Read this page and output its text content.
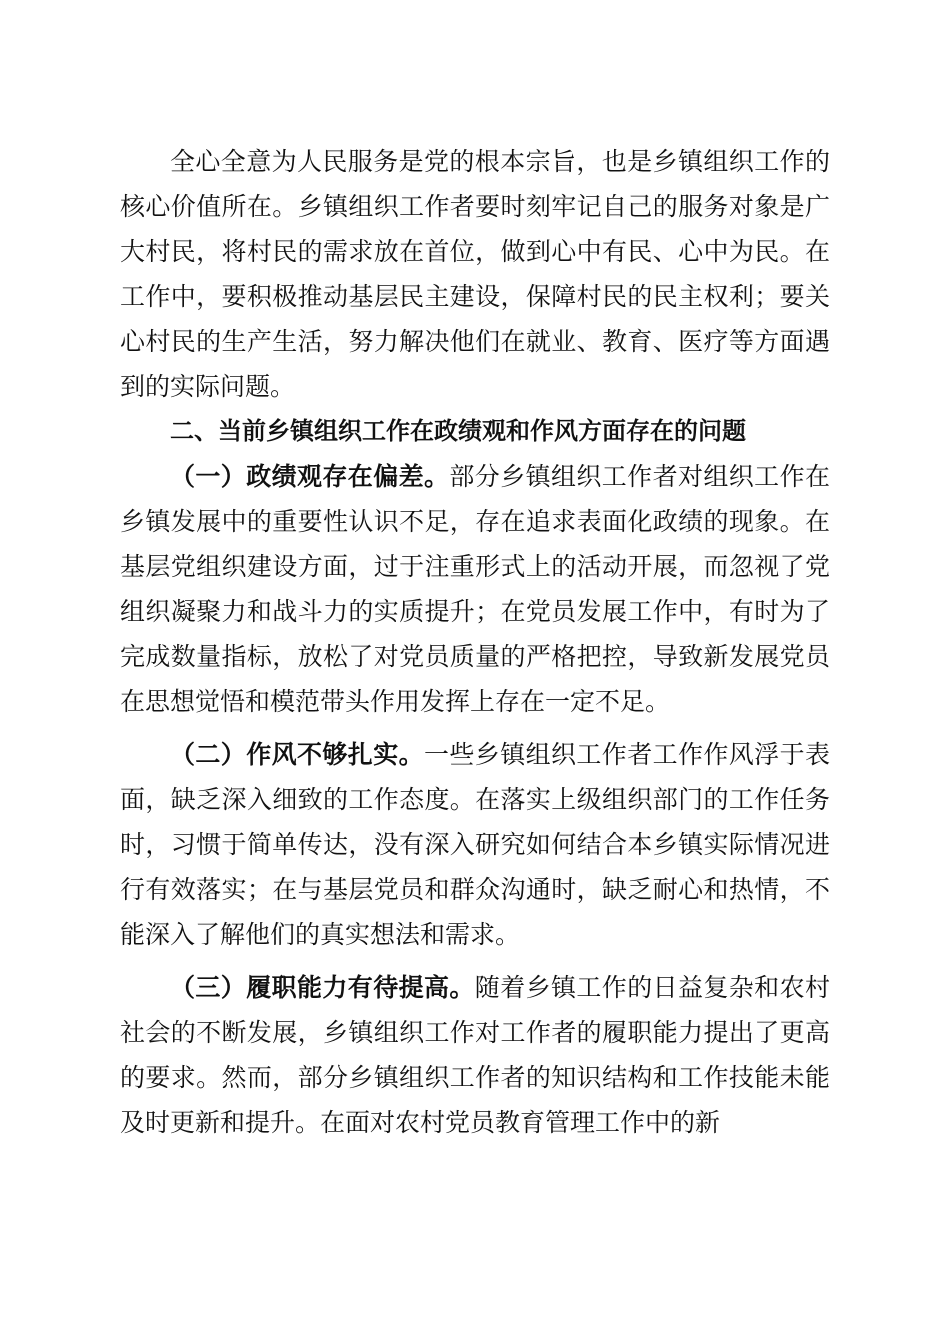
全心全意为人民服务是党的根本宗旨，也是乡镇组织工作的核心价值所在。乡镇组织工作者要时刻牢记自己的服务对象是广大村民，将村民的需求放在首位，做到心中有民、心中为民。在工作中，要积极推动基层民主建设，保障村民的民主权利；要关心村民的生产生活，努力解决他们在就业、教育、医疗等方面遇到的实际问题。

二、当前乡镇组织工作在政绩观和作风方面存在的问题

（一）政绩观存在偏差。部分乡镇组织工作者对组织工作在乡镇发展中的重要性认识不足，存在追求表面化政绩的现象。在基层党组织建设方面，过于注重形式上的活动开展，而忽视了党组织凝聚力和战斗力的实质提升；在党员发展工作中，有时为了完成数量指标，放松了对党员质量的严格把控，导致新发展党员在思想觉悟和模范带头作用发挥上存在一定不足。

（二）作风不够扎实。一些乡镇组织工作者工作作风浮于表面，缺乏深入细致的工作态度。在落实上级组织部门的工作任务时，习惯于简单传达，没有深入研究如何结合本乡镇实际情况进行有效落实；在与基层党员和群众沟通时，缺乏耐心和热情，不能深入了解他们的真实想法和需求。

（三）履职能力有待提高。随着乡镇工作的日益复杂和农村社会的不断发展，乡镇组织工作对工作者的履职能力提出了更高的要求。然而，部分乡镇组织工作者的知识结构和工作技能未能及时更新和提升。在面对农村党员教育管理工作中的新
